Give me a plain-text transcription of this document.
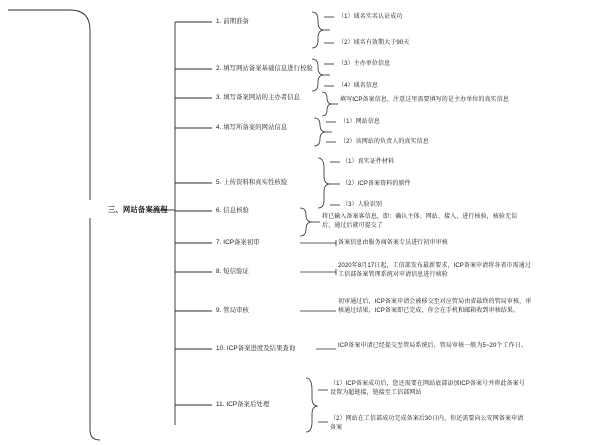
三、网站备案流程
1. 前期准备
2. 填写网站备案基础信息进行校验
3. 填写备案网站的主办者信息
4. 填写所备案的网站信息
5. 上传资料和真实性核验
6. 信息核验
7. ICP备案初审
8. 短信验证
9. 管局审核
10. ICP备案进度及结果查询
11. ICP备案后处理
（1）域名实名认证成功
（2）域名有效期大于90天
（3）主办单位信息
（4）域名信息
填写ICP备案信息，注意这里需要填写的是主办单位的真实信息
（1）网站信息
（2）该网站的负责人的真实信息
（1）真实证件材料
（2）ICP备案资料的原件
（3）人脸识别
将已输入备案客信息，即：确认主体、网站、接入，进行核验，核验无误后，通过后就可提交了
备案信息由服务商备案专员进行初审审核
2020年8月17日起，工信部发布最新要求，ICP备案申请将各省市需通过工信部备案管理系统对申请信息进行核验
初审通过后，ICP备案申请会被移交至对应管局由省最终的管局审核，审核通过结果，ICP备案即已完成，你会在手机和邮箱收到审核结果。
ICP备案申请已经提交至管局系统后，管局审核一般为5~20个工作日。
（1）ICP备案成功后，您还需要在网站底部添加ICP备案号并将此备案号设置为超链接，链接至工信部网站
（2）网站在工信部成功完成备案后30日内，你还需要向公安网备案申请备案
